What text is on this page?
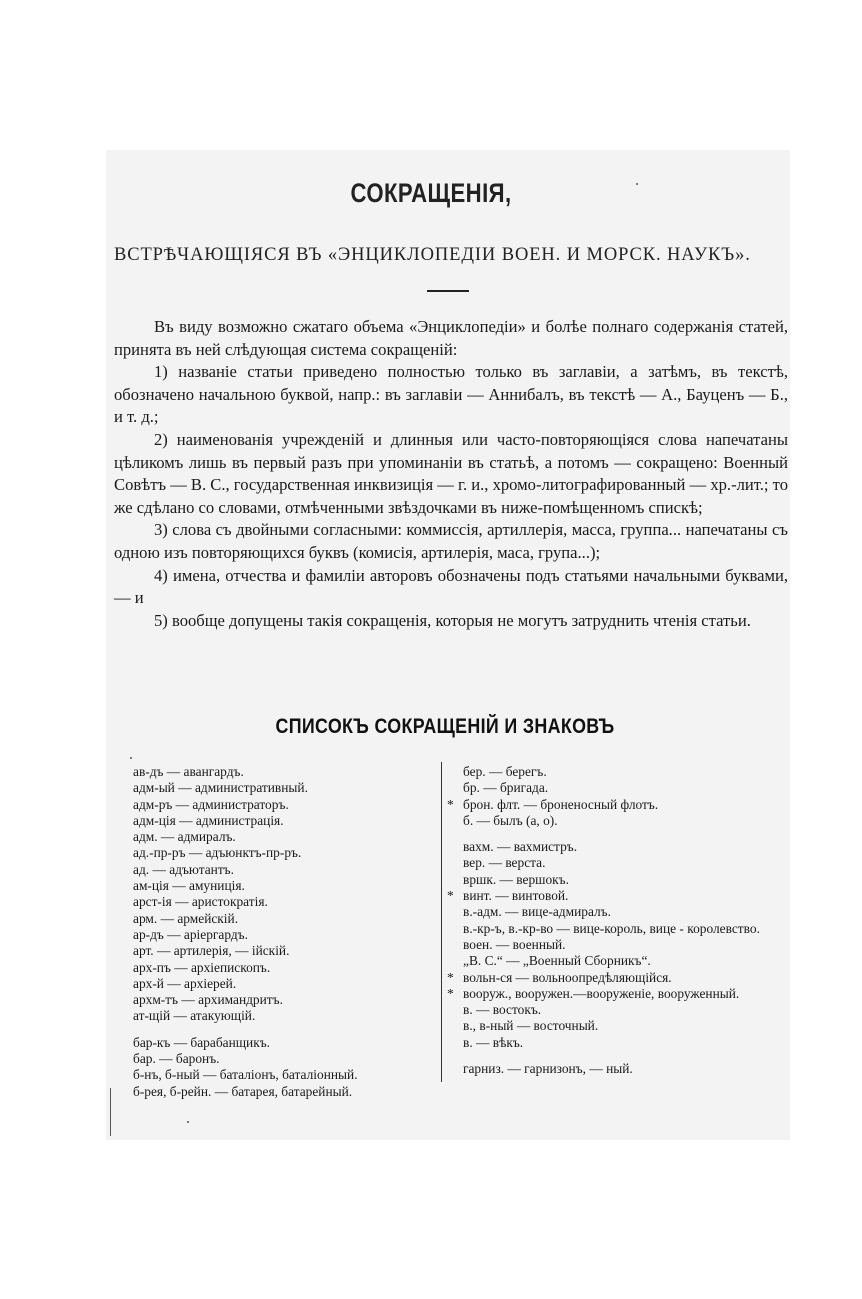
СОКРАЩЕНІЯ,
ВСТРѢЧАЮЩІЯСЯ ВЪ «ЭНЦИКЛОПЕДІИ ВОЕН. И МОРСК. НАУКЪ».

Въ виду возможно сжатаго объема «Энциклопедіи» и болѣе полнаго содержанія статей, принята въ ней слѣдующая система сокращеній:

1) названіе статьи приведено полностью только въ заглавіи, а затѣмъ, въ текстѣ, обозначено начальною буквой, напр.: въ заглавіи — Аннибалъ, въ текстѣ — А., Бауценъ — Б., и т. д.;

2) наименованія учрежденій и длинныя или часто-повторяющіяся слова напечатаны цѣликомъ лишь въ первый разъ при упоминаніи въ статьѣ, а потомъ — сокращено: Военный Совѣтъ — В. С., государственная инквизиція — г. и., хромо-литографированный — хр.-лит.; то же сдѣлано со словами, отмѣченными звѣздочками въ ниже-помѣщенномъ спискѣ;

3) слова съ двойными согласными: коммиссія, артиллерія, масса, группа... напечатаны съ одною изъ повторяющихся буквъ (комисія, артилерія, маса, група...);

4) имена, отчества и фамиліи авторовъ обозначены подъ статьями начальными буквами, — и

5) вообще допущены такія сокращенія, которыя не могутъ затруднить чтенія статьи.

СПИСОКЪ СОКРАЩЕНІЙ И ЗНАКОВЪ
ав-дъ — авангардъ.
адм-ый — административный.
адм-ръ — администраторъ.
адм-ція — администрація.
адм. — адмиралъ.
ад.-пр-ръ — адъюнктъ-пр-ръ.
ад. — адъютантъ.
ам-ція — амуниція.
арст-ія — аристократія.
арм. — армейскій.
ар-дъ — аріергардъ.
арт. — артилерія, — ійскій.
арх-пъ — архіепископъ.
арх-й — архіерей.
архм-тъ — архимандритъ.
ат-щій — атакующій.
бар-къ — барабанщикъ.
бар. — баронъ.
б-нъ, б-ный — баталіонъ, баталіонный.
б-рея, б-рейн. — батарея, батарейный.
бер. — берегъ.
бр. — бригада.
* брон. флт. — броненосный флотъ.
б. — былъ (а, о).
вахм. — вахмистръ.
вер. — верста.
вршк. — вершокъ.
* винт. — винтовой.
в.-адм. — вице-адмиралъ.
в.-кр-ъ, в.-кр-во — вице-король, вице - королевство.
воен. — военный.
„В. С.“ — „Военный Сборникъ“.
* вольн-ся — вольноопредѣляющійся.
* вооруж., вооружен.—вооруженіе, вооруженный.
в. — востокъ.
в., в-ный — восточный.
в. — вѣкъ.
гарниз. — гарнизонъ, — ный.
